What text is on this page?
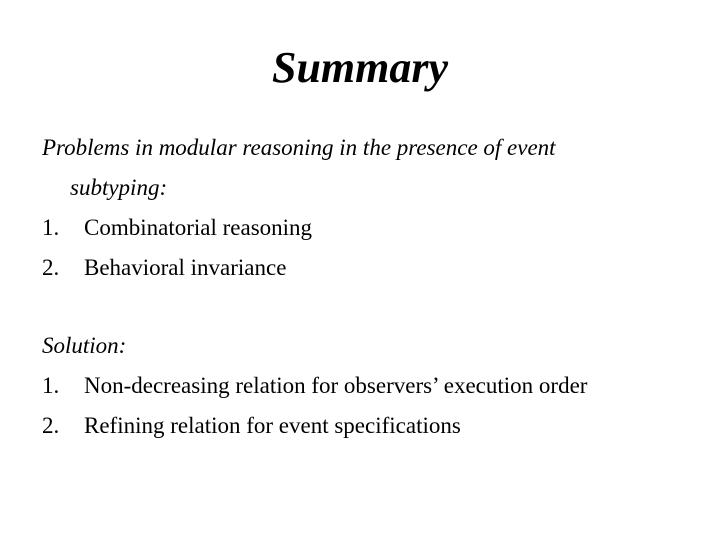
Summary
Problems in modular reasoning in the presence of event
subtyping:
1.	Combinatorial reasoning
2.	Behavioral invariance
Solution:
1.	Non-decreasing relation for observers’ execution order
2.	Refining relation for event specifications
